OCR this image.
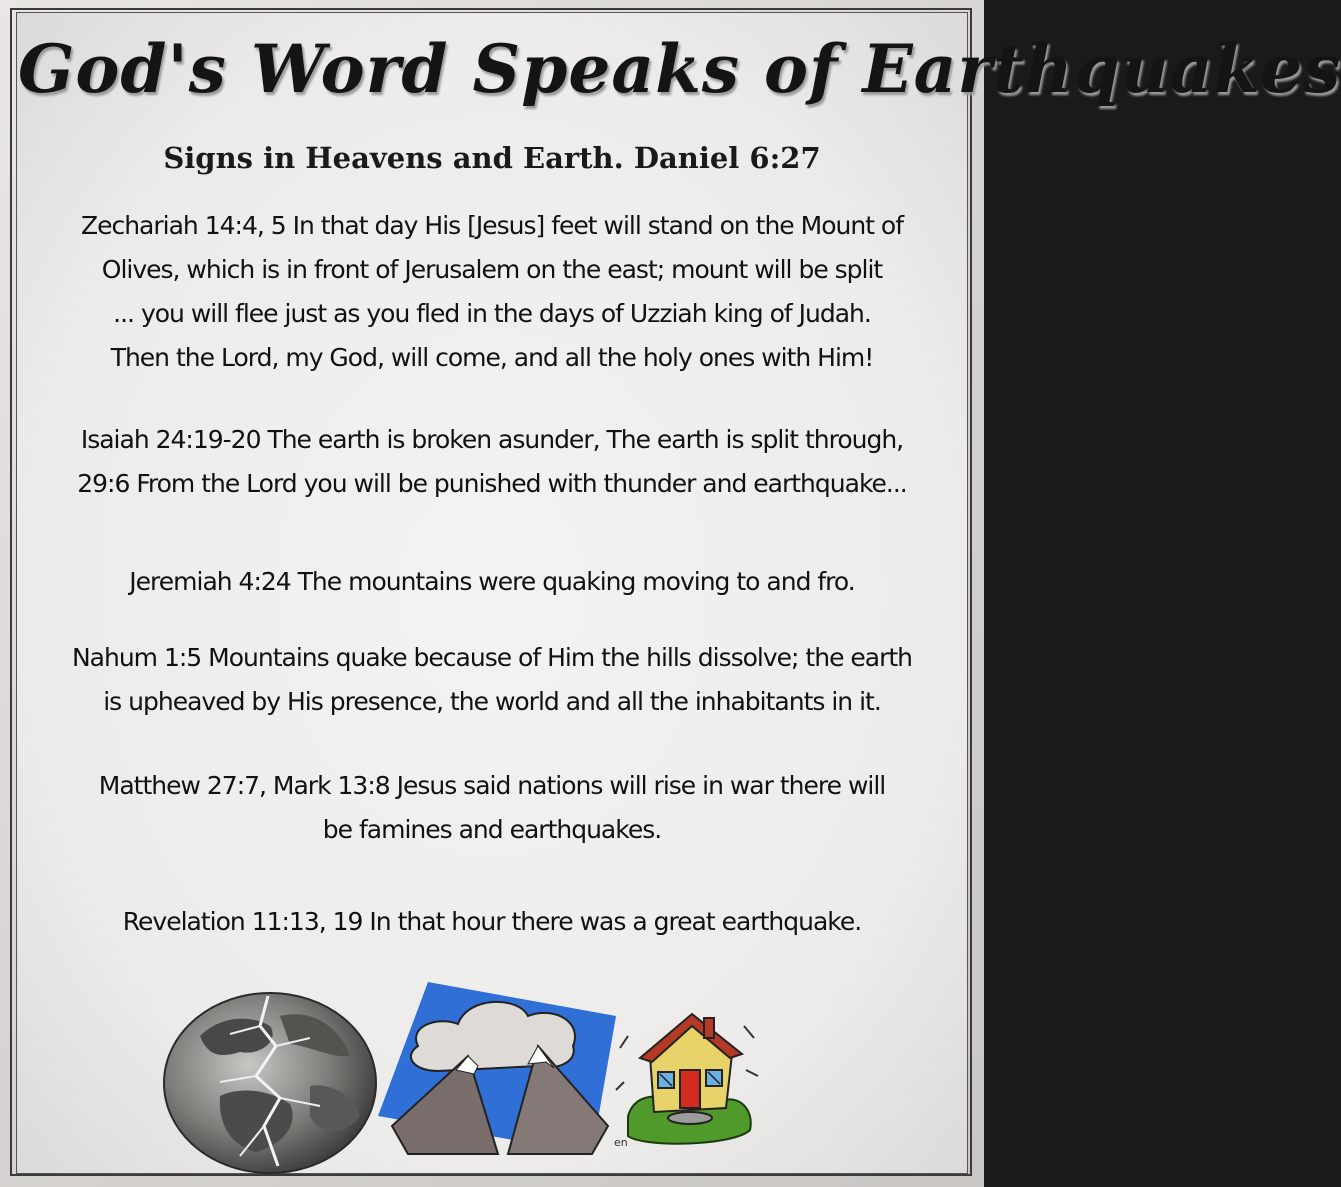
God's Word Speaks of Earthquakes
Signs in Heavens and Earth. Daniel 6:27
Zechariah 14:4, 5 In that day His [Jesus] feet will stand on the Mount of
Olives, which is in front of Jerusalem on the east; mount will be split
... you will flee just as you fled in the days of Uzziah king of Judah.
Then the Lord, my God, will come, and all the holy ones with Him!
Isaiah 24:19-20 The earth is broken asunder, The earth is split through,
29:6 From the Lord you will be punished with thunder and earthquake...
Jeremiah 4:24 The mountains were quaking moving to and fro.
Nahum 1:5 Mountains quake because of Him the hills dissolve; the earth
is upheaved by His presence, the world and all the inhabitants in it.
Matthew 27:7, Mark 13:8 Jesus said nations will rise in war there will
be famines and earthquakes.
Revelation 11:13, 19 In that hour there was a great earthquake.
en
